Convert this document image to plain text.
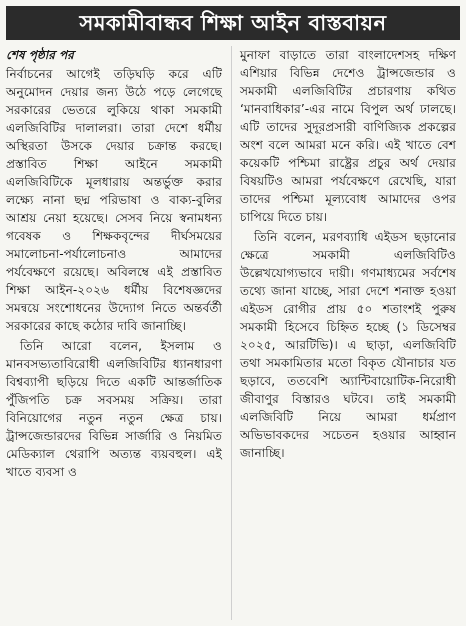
সমকামীবান্ধব শিক্ষা আইন বাস্তবায়ন
শেষ পৃষ্ঠার পর

নির্বাচনের আগেই তড়িঘড়ি করে এটি অনুমোদন দেয়ার জন্য উঠে পড়ে লেগেছে সরকারের ভেতরে লুকিয়ে থাকা সমকামী এলজিবিটির দালালরা। তারা দেশে ধর্মীয় অস্থিরতা উসকে দেয়ার চক্রান্ত করছে। প্রস্তাবিত শিক্ষা আইনে সমকামী এলজিবিটিকে মূলধারায় অন্তর্ভুক্ত করার লক্ষ্যে নানা ছদ্ম পরিভাষা ও বাক্য-বুলির আশ্রয় নেয়া হয়েছে। সেসব নিয়ে স্বনামধন্য গবেষক ও শিক্ষকবৃন্দের দীর্ঘসময়ের সমালোচনা-পর্যালোচনাও আমাদের পর্যবেক্ষণে রয়েছে। অবিলম্বে এই প্রস্তাবিত শিক্ষা আইন-২০২৬ ধর্মীয় বিশেষজ্ঞদের সমন্বয়ে সংশোধনের উদ্যোগ নিতে অন্তর্বর্তী সরকারের কাছে কঠোর দাবি জানাচ্ছি।

তিনি আরো বলেন, ইসলাম ও মানবসভ্যতাবিরোধী এলজিবিটির ধ্যানধারণা বিশ্বব্যাপী ছড়িয়ে দিতে একটি আন্তর্জাতিক পুঁজিপতি চক্র সবসময় সক্রিয়। তারা বিনিয়োগের নতুন নতুন ক্ষেত্র চায়। ট্রান্সজেন্ডারদের বিভিন্ন সার্জারি ও নিয়মিত মেডিক্যাল থেরাপি অত্যন্ত ব্যয়বহুল। এই খাতে ব্যবসা ও

মুনাফা বাড়াতে তারা বাংলাদেশসহ দক্ষিণ এশিয়ার বিভিন্ন দেশেও ট্রান্সজেন্ডার ও সমকামী এলজিবিটির প্রচারণায় কথিত ‘মানবাধিকার’-এর নামে বিপুল অর্থ ঢালছে। এটি তাদের সুদূরপ্রসারী বাণিজ্যিক প্রকল্পের অংশ বলে আমরা মনে করি। এই খাতে বেশ কয়েকটি পশ্চিমা রাষ্ট্রের প্রচুর অর্থ দেয়ার বিষয়টিও আমরা পর্যবেক্ষণে রেখেছি, যারা তাদের পশ্চিমা মূল্যবোধ আমাদের ওপর চাপিয়ে দিতে চায়।

তিনি বলেন, মরণব্যাধি এইডস ছড়ানোর ক্ষেত্রে সমকামী এলজিবিটিও উল্লেখযোগ্যভাবে দায়ী। গণমাধ্যমের সর্বশেষ তথ্যে জানা যাচ্ছে, সারা দেশে শনাক্ত হওয়া এইডস রোগীর প্রায় ৫০ শতাংশই পুরুষ সমকামী হিসেবে চিহ্নিত হচ্ছে (১ ডিসেম্বর ২০২৫, আরটিভি)। এ ছাড়া, এলজিবিটি তথা সমকামিতার মতো বিকৃত যৌনাচার যত ছড়াবে, ততবেশি অ্যান্টিবায়োটিক-নিরোধী জীবাণুর বিস্তারও ঘটবে। তাই সমকামী এলজিবিটি নিয়ে আমরা ধর্মপ্রাণ অভিভাবকদের সচেতন হওয়ার আহ্বান জানাচ্ছি।
